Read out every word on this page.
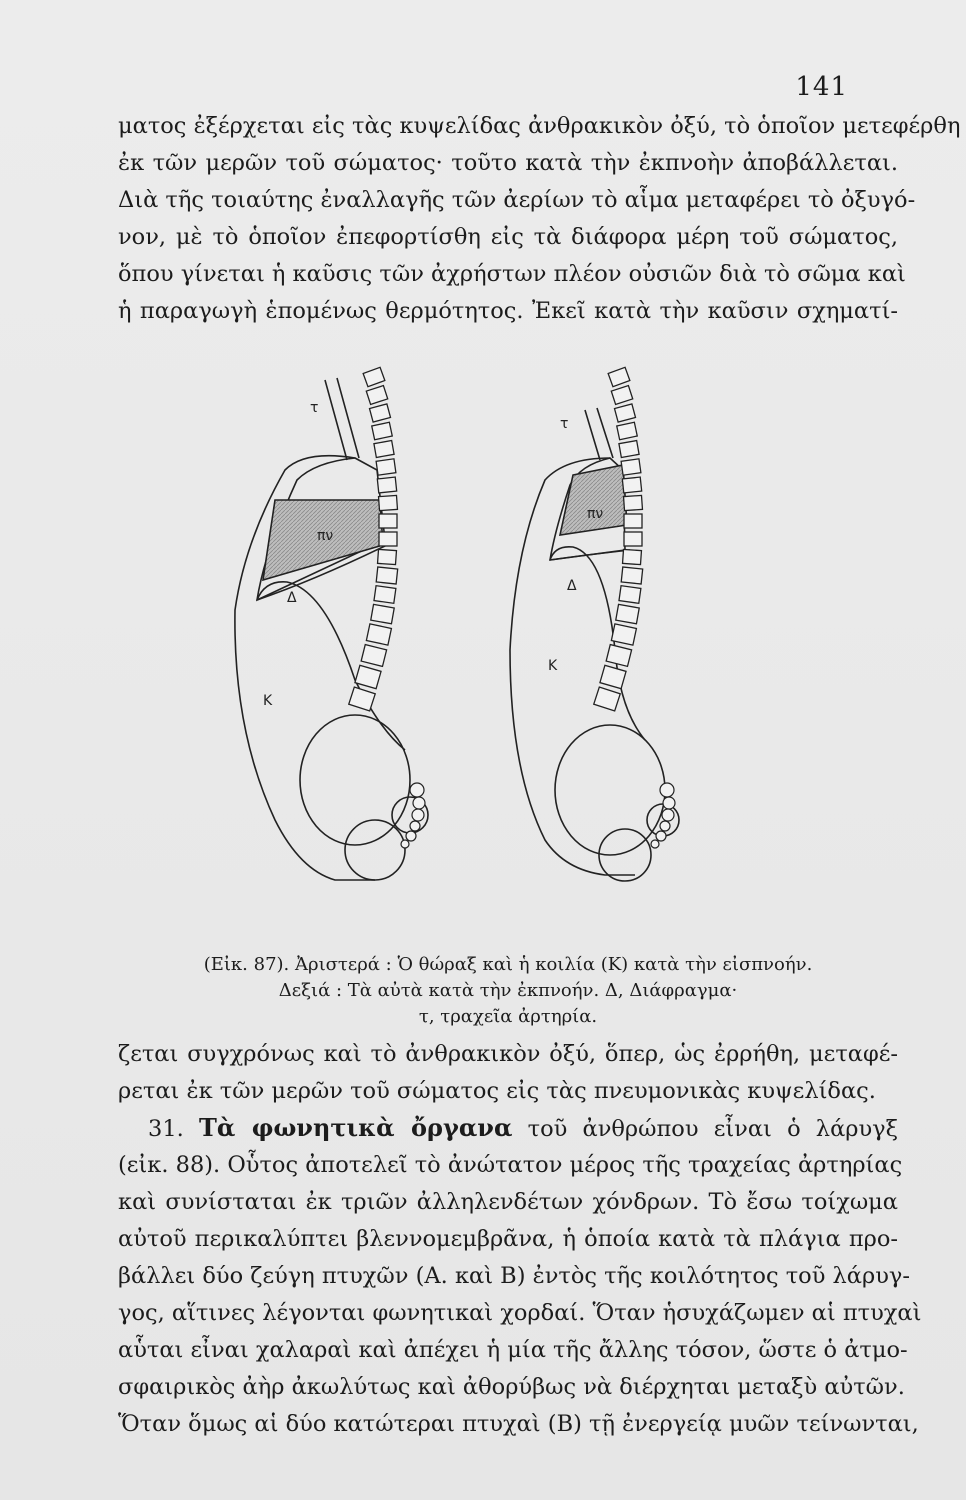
141
ματος ἐξέρχεται εἰς τὰς κυψελίδας ἀνθρακικὸν ὀξύ, τὸ ὁποῖον μετεφέρθη
ἐκ τῶν μερῶν τοῦ σώματος· τοῦτο κατὰ τὴν ἐκπνοὴν ἀποβάλλεται.
Διὰ τῆς τοιαύτης ἐναλλαγῆς τῶν ἀερίων τὸ αἷμα μεταφέρει τὸ ὀξυγό-
νον, μὲ τὸ ὁποῖον ἐπεφορτίσθη εἰς τὰ διάφορα μέρη τοῦ σώματος,
ὅπου γίνεται ἡ καῦσις τῶν ἀχρήστων πλέον οὐσιῶν διὰ τὸ σῶμα καὶ
ἡ παραγωγὴ ἑπομένως θερμότητος. Ἐκεῖ κατὰ τὴν καῦσιν σχηματί-
τ
πν
Δ
Κ
τ
πν
Δ
Κ
(Εἰκ. 87). Ἀριστερά : Ὁ θώραξ καὶ ἡ κοιλία (Κ) κατὰ τὴν εἰσπνοήν.
Δεξιά : Τὰ αὐτὰ κατὰ τὴν ἐκπνοήν. Δ, Διάφραγμα·
τ, τραχεῖα ἀρτηρία.
ζεται συγχρόνως καὶ τὸ ἀνθρακικὸν ὀξύ, ὅπερ, ὡς ἐρρήθη, μεταφέ-
ρεται ἐκ τῶν μερῶν τοῦ σώματος εἰς τὰς πνευμονικὰς κυψελίδας.
31. Τὰ φωνητικὰ ὄργανα τοῦ ἀνθρώπου εἶναι ὁ λάρυγξ
(εἰκ. 88). Οὗτος ἀποτελεῖ τὸ ἀνώτατον μέρος τῆς τραχείας ἀρτηρίας
καὶ συνίσταται ἐκ τριῶν ἀλληλενδέτων χόνδρων. Τὸ ἔσω τοίχωμα
αὐτοῦ περικαλύπτει βλεννομεμβρᾶνα, ἡ ὁποία κατὰ τὰ πλάγια προ-
βάλλει δύο ζεύγη πτυχῶν (Α. καὶ Β) ἐντὸς τῆς κοιλότητος τοῦ λάρυγ-
γος, αἵτινες λέγονται φωνητικαὶ χορδαί. Ὅταν ἡσυχάζωμεν αἱ πτυχαὶ
αὗται εἶναι χαλαραὶ καὶ ἀπέχει ἡ μία τῆς ἄλλης τόσον, ὥστε ὁ ἀτμο-
σφαιρικὸς ἀὴρ ἀκωλύτως καὶ ἀθορύβως νὰ διέρχηται μεταξὺ αὐτῶν.
Ὅταν ὅμως αἱ δύο κατώτεραι πτυχαὶ (Β) τῇ ἐνεργείᾳ μυῶν τείνωνται,
